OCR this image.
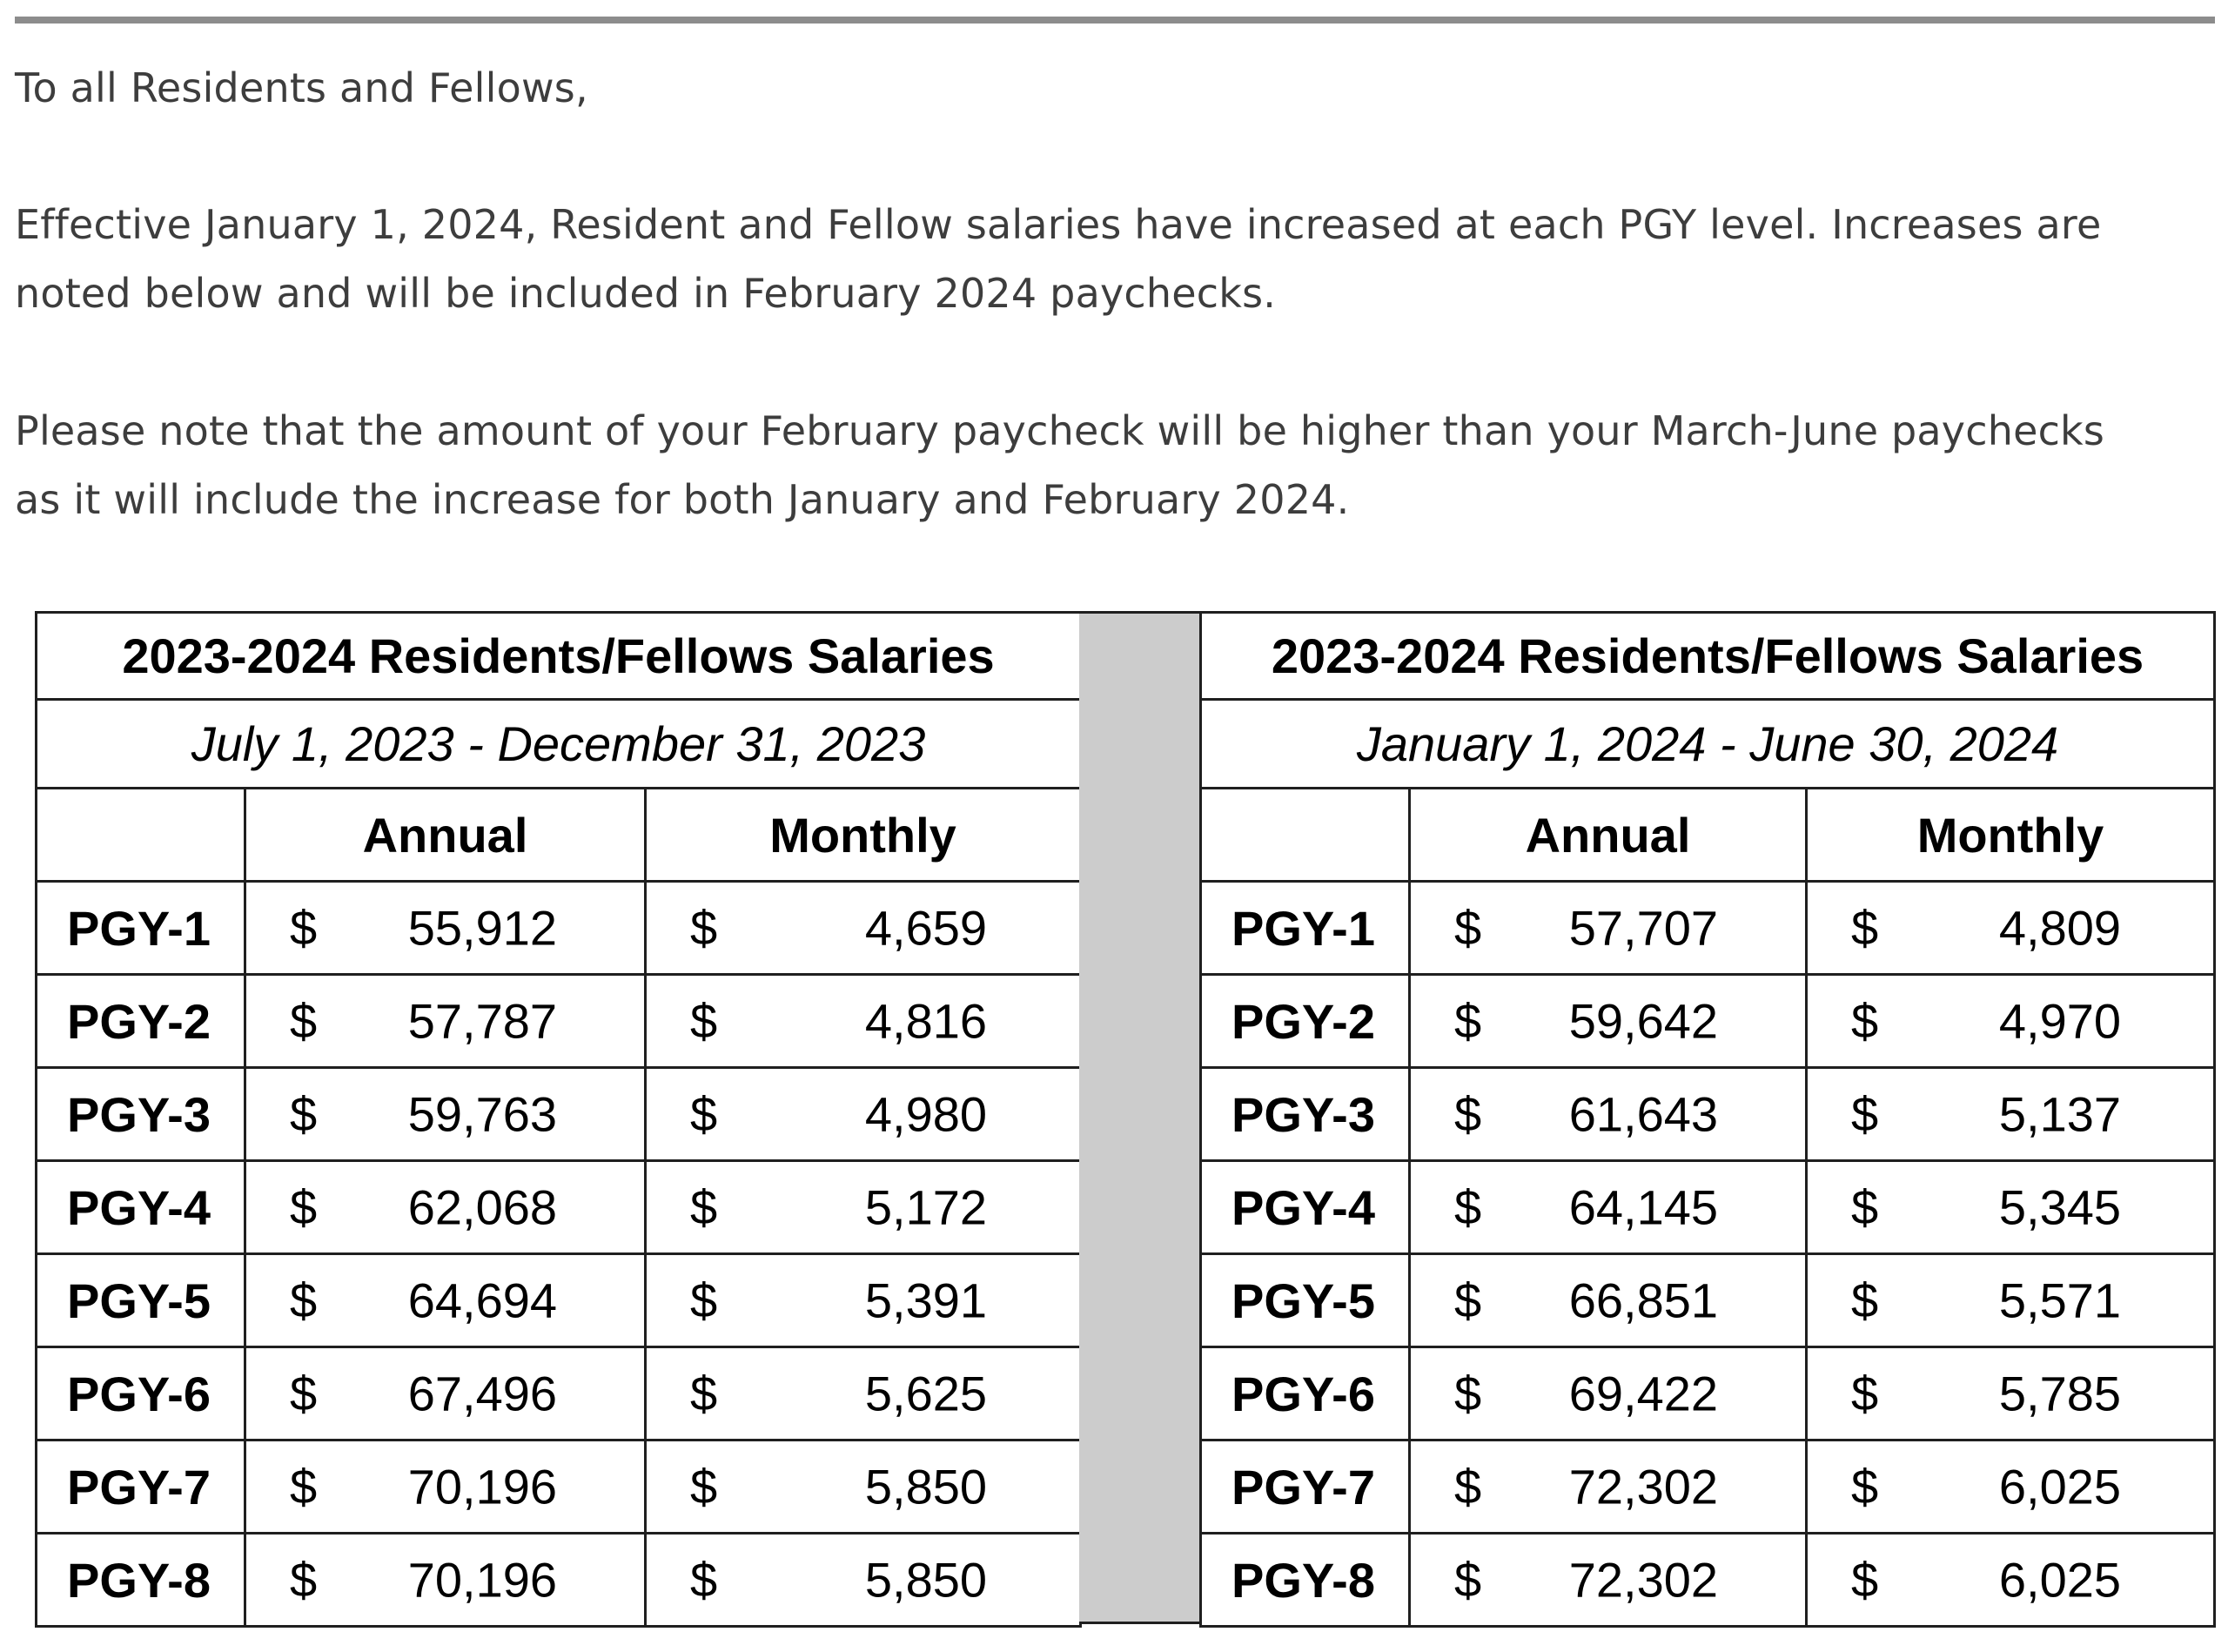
To all Residents and Fellows,

Effective January 1, 2024, Resident and Fellow salaries have increased at each PGY level. Increases are noted below and will be included in February 2024 paychecks.

Please note that the amount of your February paycheck will be higher than your March-June paychecks as it will include the increase for both January and February 2024.

2023-2024 Residents/Fellows Salaries		
July 1, 2023 - December 31, 2023		
	Annual	Monthly
PGY-1	$ 55,912	$ 4,659

PGY-2	$ 57,787	$ 4,816

PGY-3	$ 59,763	$ 4,980

PGY-4	$ 62,068	$ 5,172

PGY-5	$ 64,694	$ 5,391

PGY-6	$ 67,496	$ 5,625

PGY-7	$ 70,196	$ 5,850

PGY-8	$ 70,196	$ 5,850
2023-2024 Residents/Fellows Salaries		
January 1, 2024 - June 30, 2024		
	Annual	Monthly
PGY-1	$ 57,707	$ 4,809

PGY-2	$ 59,642	$ 4,970

PGY-3	$ 61,643	$ 5,137

PGY-4	$ 64,145	$ 5,345

PGY-5	$ 66,851	$ 5,571

PGY-6	$ 69,422	$ 5,785

PGY-7	$ 72,302	$ 6,025

PGY-8	$ 72,302	$ 6,025
